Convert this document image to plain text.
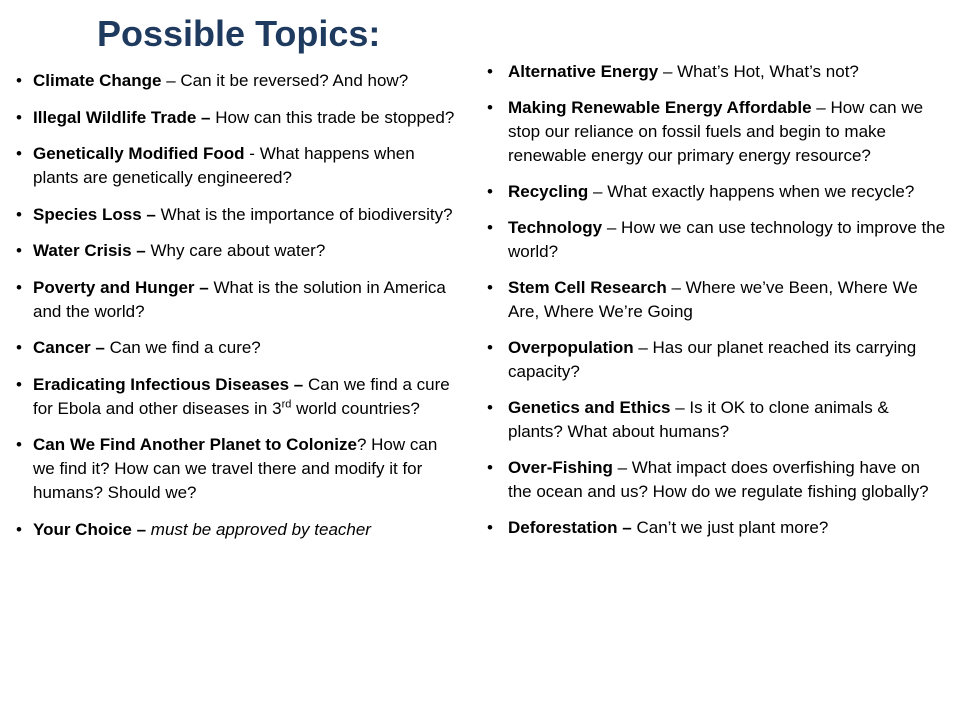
Possible Topics:
• Climate Change – Can it be reversed? And how?
• Illegal Wildlife Trade – How can this trade be stopped?
• Genetically Modified Food - What happens when plants are genetically engineered?
• Species Loss – What is the importance of biodiversity?
• Water Crisis – Why care about water?
• Poverty and Hunger – What is the solution in America and the world?
• Cancer – Can we find a cure?
• Eradicating Infectious Diseases – Can we find a cure for Ebola and other diseases in 3rd world countries?
• Can We Find Another Planet to Colonize? How can we find it? How can we travel there and modify it for humans? Should we?
• Your Choice – must be approved by teacher
• Alternative Energy – What’s Hot, What’s not?
• Making Renewable Energy Affordable – How can we stop our reliance on fossil fuels and begin to make renewable energy our primary energy resource?
• Recycling – What exactly happens when we recycle?
• Technology – How we can use technology to improve the world?
• Stem Cell Research – Where we’ve Been, Where We Are, Where We’re Going
• Overpopulation – Has our planet reached its carrying capacity?
• Genetics and Ethics – Is it OK to clone animals & plants? What about humans?
• Over-Fishing – What impact does overfishing have on the ocean and us? How do we regulate fishing globally?
• Deforestation – Can’t we just plant more?
